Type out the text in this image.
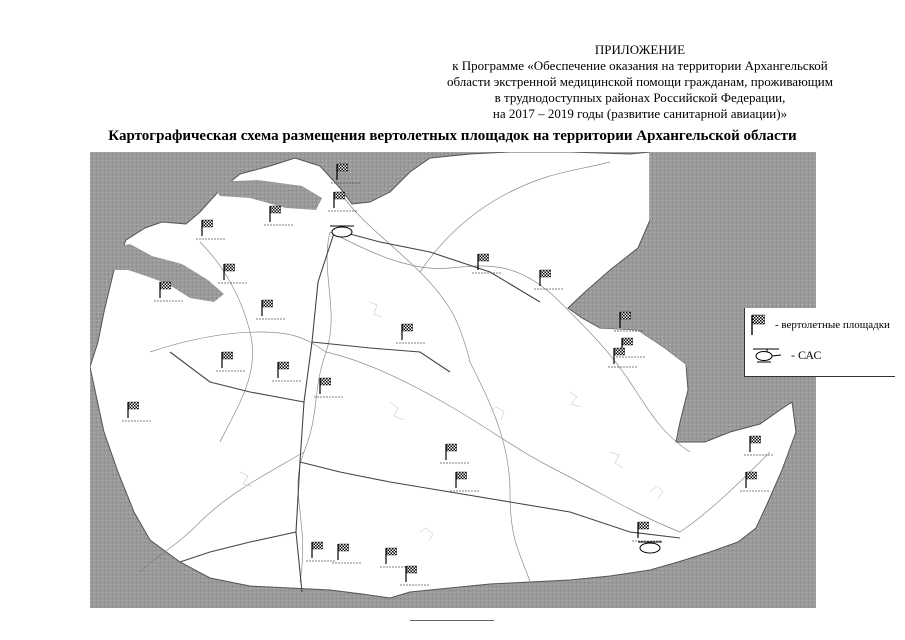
ПРИЛОЖЕНИЕ
к Программе «Обеспечение оказания на территории Архангельской
области экстренной медицинской помощи гражданам, проживающим
в труднодоступных районах Российской Федерации,
на 2017 – 2019 годы (развитие санитарной авиации)»
Картографическая схема размещения вертолетных площадок на территории Архангельской области
- вертолетные площадки
- САС
